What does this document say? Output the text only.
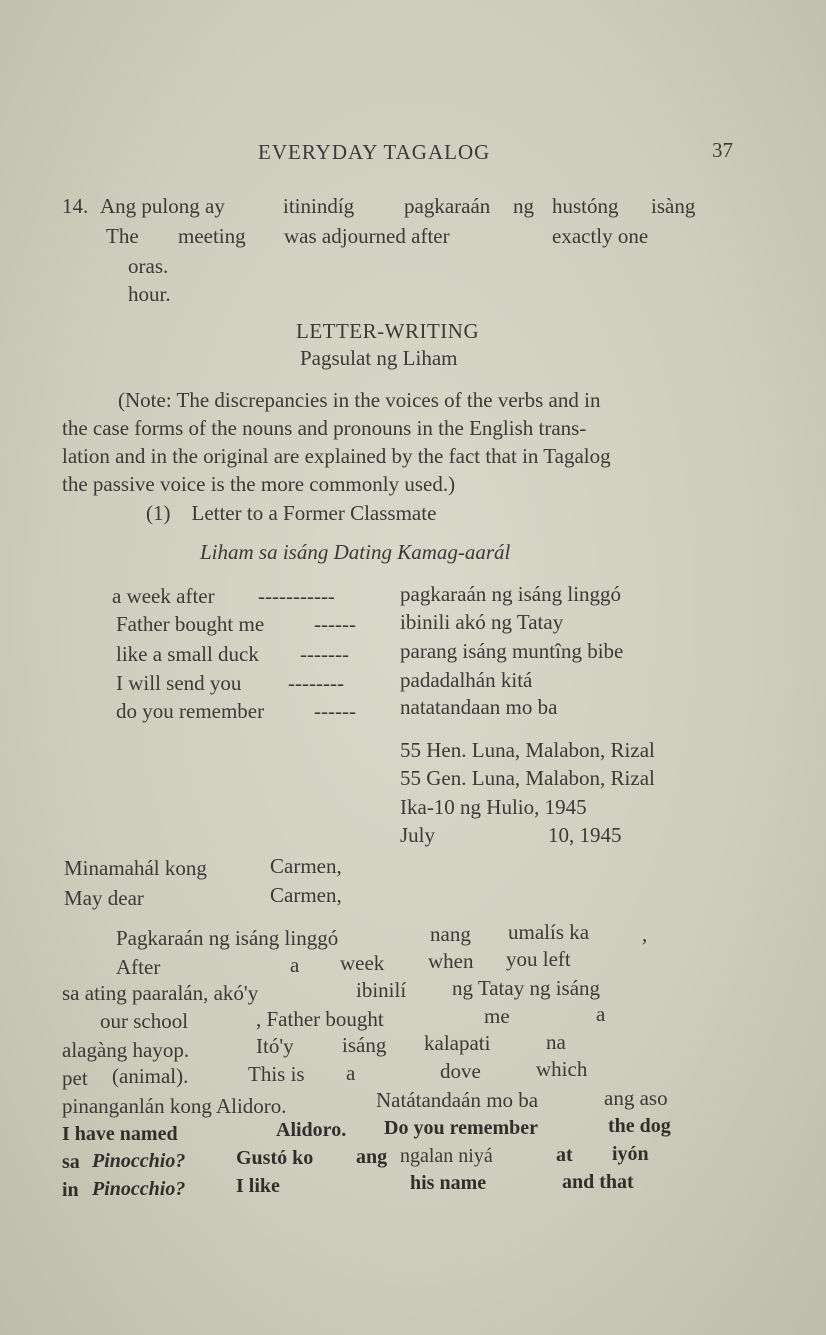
EVERYDAY TAGALOG	37
14. Ang pulong ay	itinindíg pagkaraán ng hustóng isàng
The meeting was adjourned after	exactly one
oras.
hour.
LETTER-WRITING
Pagsulat ng Liham
(Note: The discrepancies in the voices of the verbs and in
the case forms of the nouns and pronouns in the English trans-
lation and in the original are explained by the fact that in Tagalog
the passive voice is the more commonly used.)
(1)    Letter to a Former Classmate
Liham sa isáng Dating Kamag-aarál
a week after -----------	pagkaraán ng isáng linggó
Father bought me ------ ibinili akó ng Tatay
like a small duck ------- parang isáng muntîng bibe
I will send you --------	padadalhán kitá
do you remember ------ natatandaan mo ba
55 Hen. Luna, Malabon, Rizal
55 Gen. Luna, Malabon, Rizal
Ika-10 ng Hulio, 1945
July	10, 1945
Minamahál kong	Carmen,
May dear	Carmen,
Pagkaraán ng isáng linggó	nang umalís ka	,
After	a week when you left
sa ating paaralán, akó'y	ibinilí ng Tatay ng isáng
our school	, Father bought	me	a
alagàng hayop.	Itó'y isáng kalapati	na
pet (animal).	This is a	dove	which
pinanganlán kong Alidoro.	Natátandaán mo ba	ang aso
I have named	Alidoro. Do you remember	the dog
sa Pinocchio?	Gustó ko ang ngalan niyá	at iyón
in Pinocchio?	I like	his name	and that
